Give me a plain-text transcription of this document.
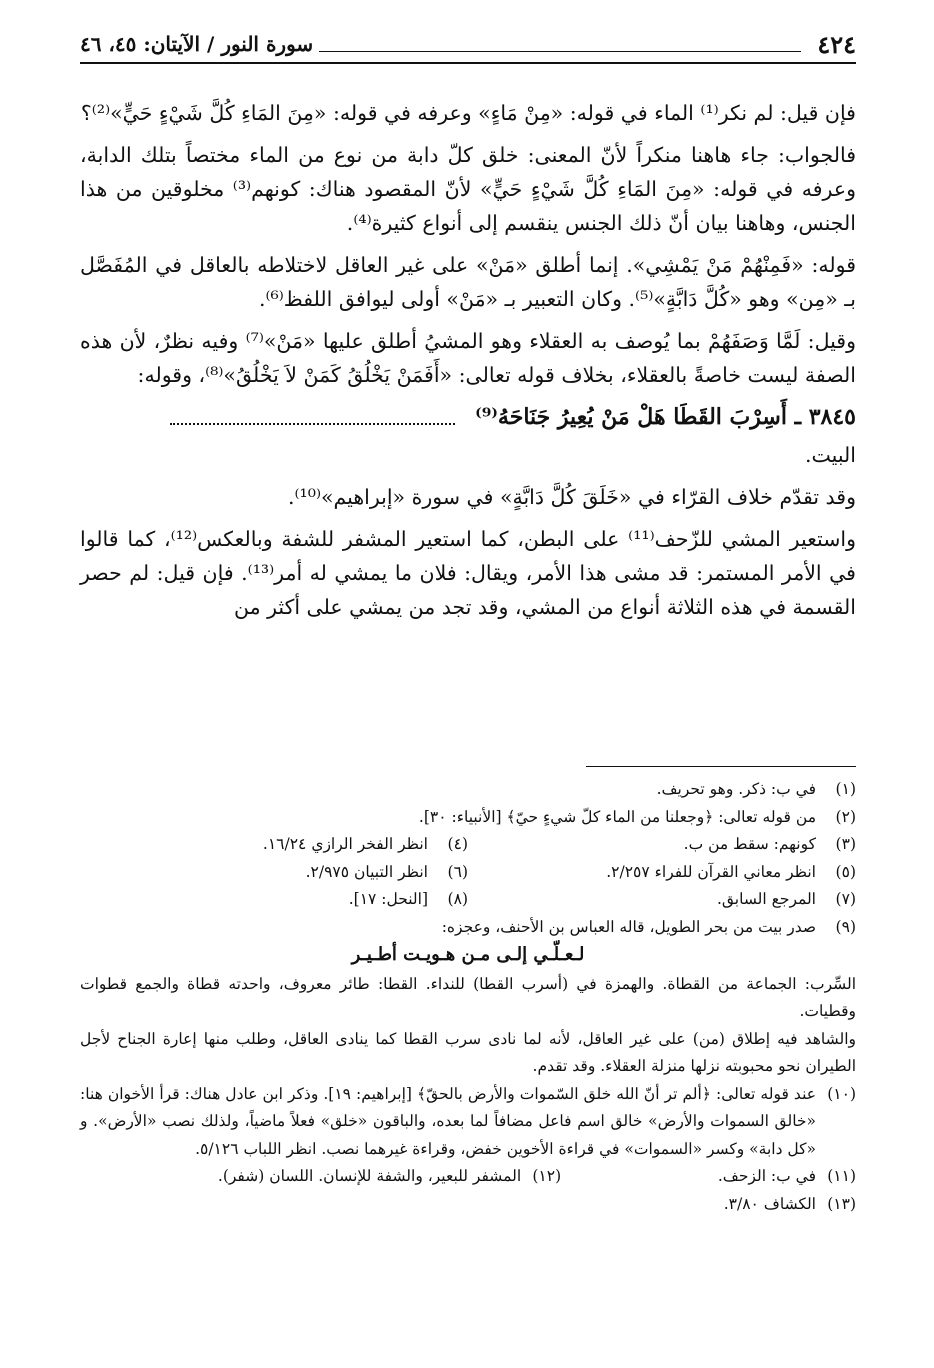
٤٢٤
سورة النور / الآيتان: ٤٥، ٤٦

فإن قيل: لم نكر⁽¹⁾ الماء في قوله: «مِنْ مَاءٍ» وعرفه في قوله: «مِنَ المَاءِ كُلَّ شَيْءٍ حَيٍّ»⁽²⁾؟

فالجواب: جاء هاهنا منكراً لأنّ المعنى: خلق كلّ دابة من نوع من الماء مختصاً بتلك الدابة، وعرفه في قوله: «مِنَ المَاءِ كُلَّ شَيْءٍ حَيٍّ» لأنّ المقصود هناك: كونهم⁽³⁾ مخلوقين من هذا الجنس، وهاهنا بيان أنّ ذلك الجنس ينقسم إلى أنواع كثيرة⁽⁴⁾.

قوله: «فَمِنْهُمْ مَنْ يَمْشِي». إنما أطلق «مَنْ» على غير العاقل لاختلاطه بالعاقل في المُفَصَّل بـ «مِن» وهو «كُلَّ دَابَّةٍ»⁽⁵⁾. وكان التعبير بـ «مَنْ» أولى ليوافق اللفظ⁽⁶⁾.

وقيل: لَمَّا وَصَفَهُمْ بما يُوصف به العقلاء وهو المشيُ أطلق عليها «مَنْ»⁽⁷⁾ وفيه نظرٌ، لأن هذه الصفة ليست خاصةً بالعقلاء، بخلاف قوله تعالى: «أَفَمَنْ يَخْلُقُ كَمَنْ لاَ يَخْلُقُ»⁽⁸⁾، وقوله:

٣٨٤٥ ـ أَسِرْبَ القَطَا هَلْ مَنْ يُعِيرُ جَنَاحَهُ⁽⁹⁾

البيت.

وقد تقدّم خلاف القرّاء في «خَلَقَ كُلَّ دَابَّةٍ» في سورة «إبراهيم»⁽¹⁰⁾.

واستعير المشي للزّحف⁽¹¹⁾ على البطن، كما استعير المشفر للشفة وبالعكس⁽¹²⁾، كما قالوا في الأمر المستمر: قد مشى هذا الأمر، ويقال: فلان ما يمشي له أمر⁽¹³⁾. فإن قيل: لم حصر القسمة في هذه الثلاثة أنواع من المشي، وقد تجد من يمشي على أكثر من

(١)
في ب: ذكر. وهو تحريف.
(٢)
من قوله تعالى: ﴿وجعلنا من الماء كلّ شيءٍ حيّ﴾ [الأنبياء: ٣٠].
(٣)
كونهم: سقط من ب.
(٤)
انظر الفخر الرازي ١٦/٢٤.
(٥)
انظر معاني القرآن للفراء ٢/٢٥٧.
(٦)
انظر التبيان ٢/٩٧٥.
(٧)
المرجع السابق.
(٨)
[النحل: ١٧].
(٩)
صدر بيت من بحر الطويل، قاله العباس بن الأحنف، وعجزه:
لـعـلّـي إلـى مـن هـويـت أطـيـر
السِّرب: الجماعة من القطاة. والهمزة في (أسرب القطا) للنداء. القطا: طائر معروف، واحدته قطاة والجمع قطوات وقطيات.
والشاهد فيه إطلاق (من) على غير العاقل، لأنه لما نادى سرب القطا كما ينادى العاقل، وطلب منها إعارة الجناح لأجل الطيران نحو محبوبته نزلها منزلة العقلاء. وقد تقدم.
(١٠)
عند قوله تعالى: ﴿ألم تر أنّ الله خلق السّموات والأرض بالحقّ﴾ [إبراهيم: ١٩]. وذكر ابن عادل هناك: قرأ الأخوان هنا: «خالق السموات والأرض» خالق اسم فاعل مضافاً لما بعده، والباقون «خلق» فعلاً ماضياً، ولذلك نصب «الأرض». و «كل دابة» وكسر «السموات» في قراءة الأخوين خفض، وقراءة غيرهما نصب. انظر اللباب ٥/١٢٦.
(١١)
في ب: الزحف.
(١٢)
المشفر للبعير، والشفة للإنسان. اللسان (شفر).
(١٣)
الكشاف ٣/٨٠.
